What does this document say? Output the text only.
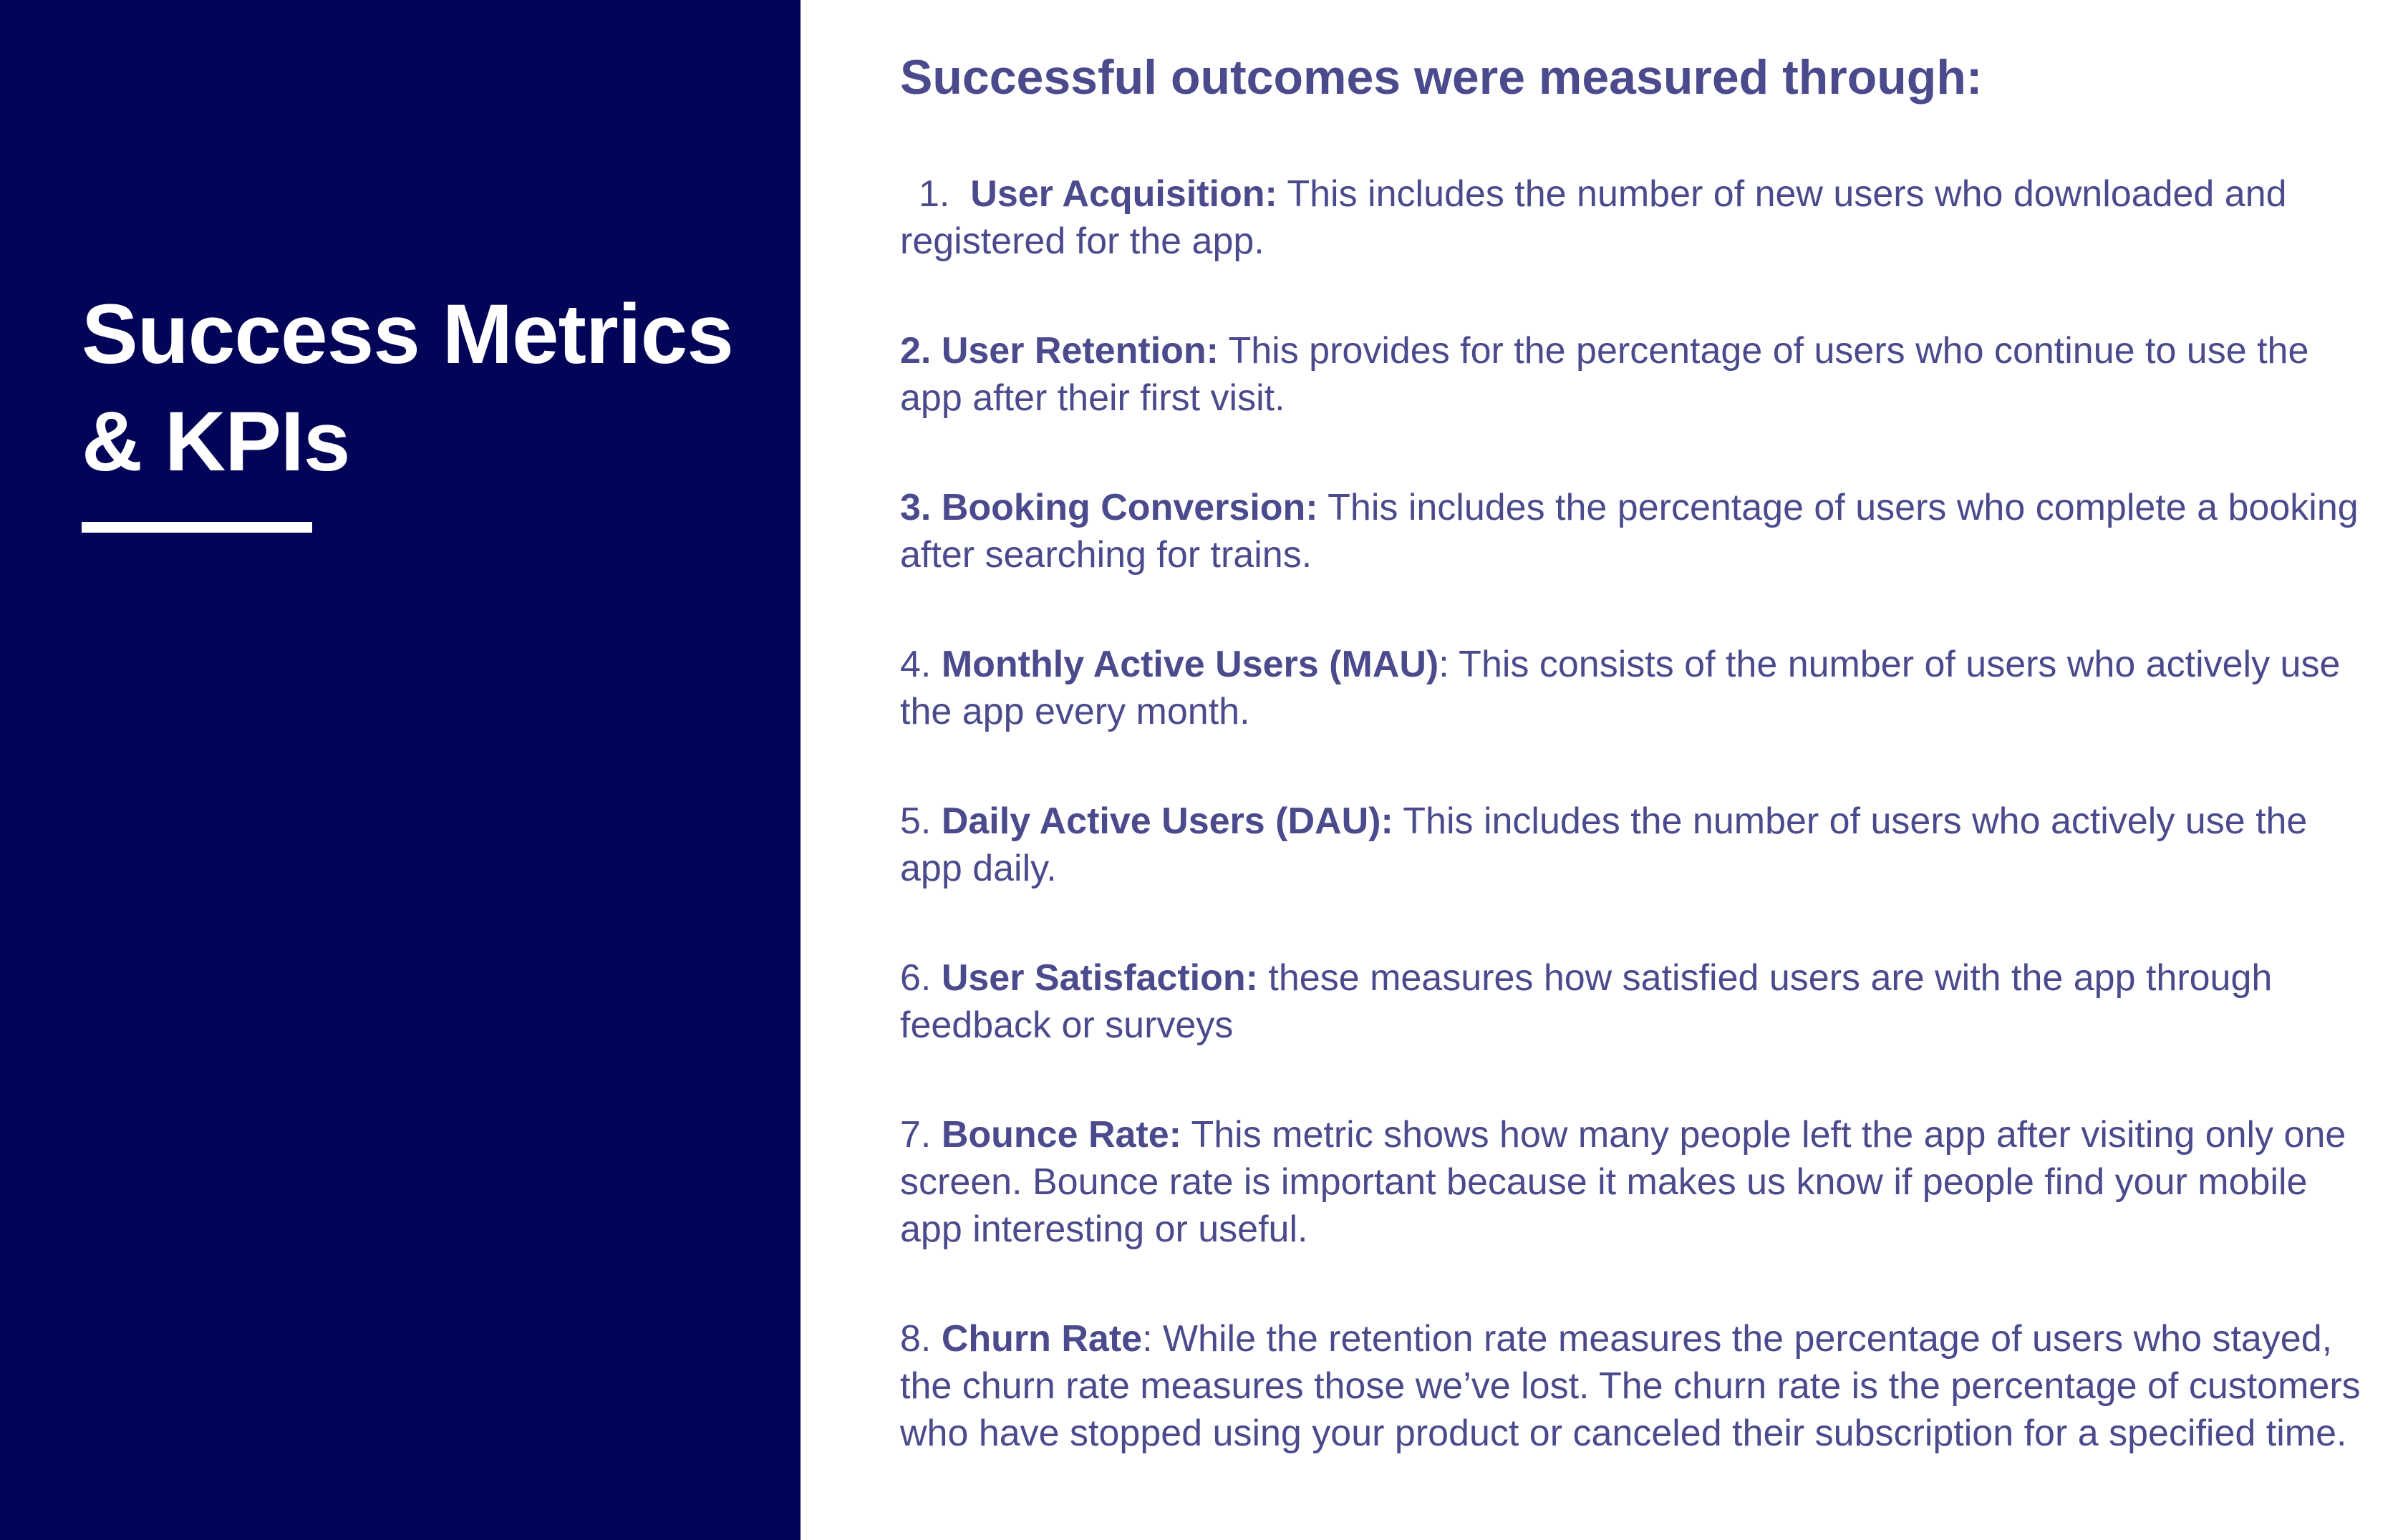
Success Metrics
& KPIs
Successful outcomes were measured through:

1. User Acquisition: This includes the number of new users who downloaded and registered for the app.

2. User Retention: This provides for the percentage of users who continue to use the app after their first visit.

3. Booking Conversion: This includes the percentage of users who complete a booking after searching for trains.

4. Monthly Active Users (MAU): This consists of the number of users who actively use the app every month.

5. Daily Active Users (DAU): This includes the number of users who actively use the app daily.

6. User Satisfaction: these measures how satisfied users are with the app through feedback or surveys

7. Bounce Rate: This metric shows how many people left the app after visiting only one screen. Bounce rate is important because it makes us know if people find your mobile app interesting or useful.

8. Churn Rate: While the retention rate measures the percentage of users who stayed, the churn rate measures those we’ve lost. The churn rate is the percentage of customers who have stopped using your product or canceled their subscription for a specified time.
